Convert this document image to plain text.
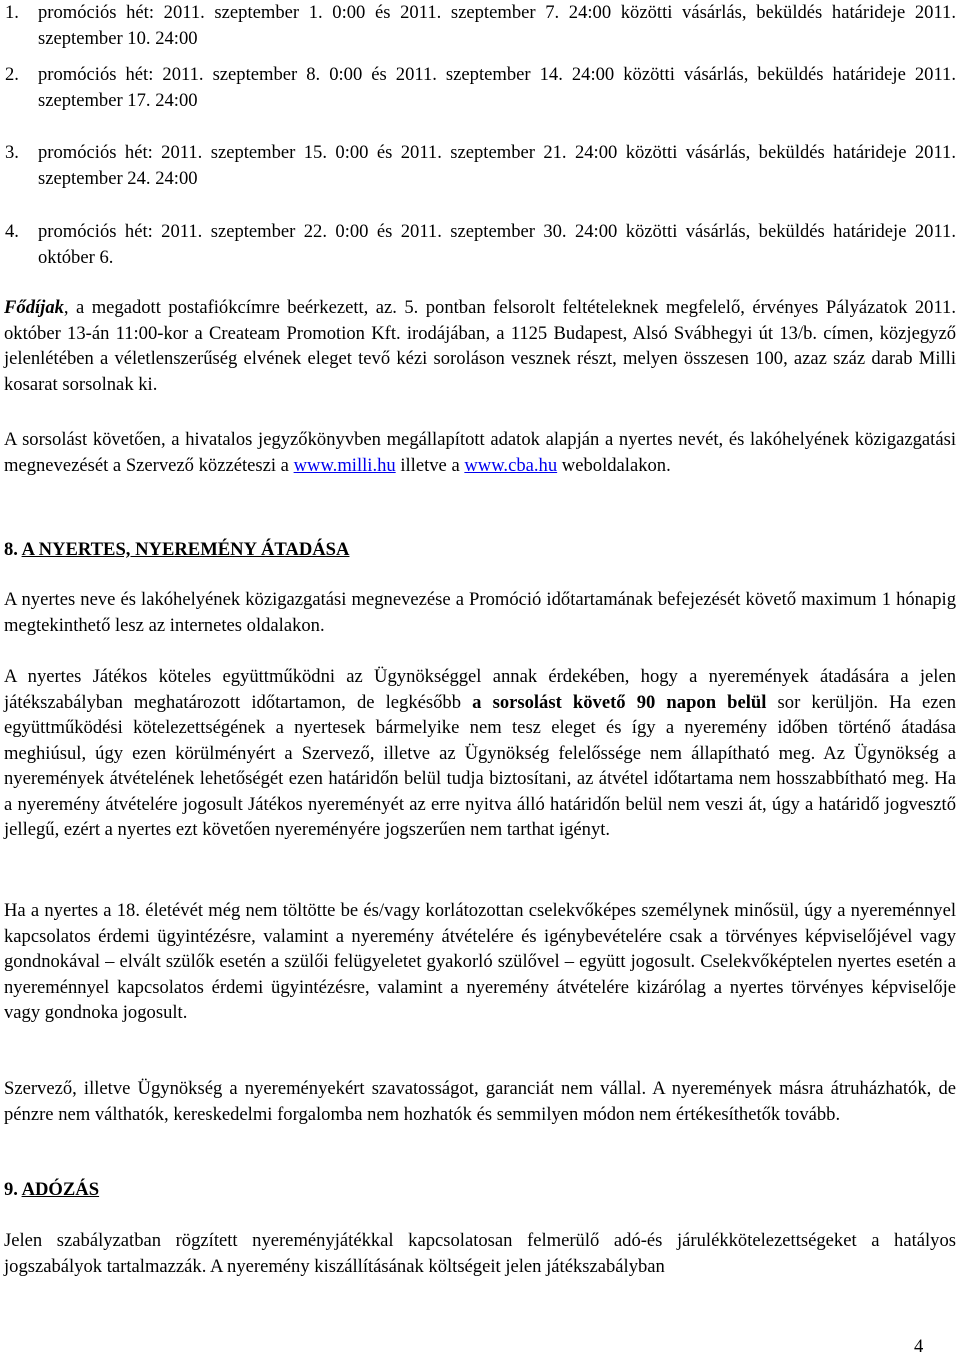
1. promóciós hét: 2011. szeptember 1. 0:00 és 2011. szeptember 7. 24:00 közötti vásárlás, beküldés határideje 2011. szeptember 10. 24:00
2. promóciós hét: 2011. szeptember 8. 0:00 és 2011. szeptember 14. 24:00 közötti vásárlás, beküldés határideje 2011. szeptember 17. 24:00
3. promóciós hét: 2011. szeptember 15. 0:00 és 2011. szeptember 21. 24:00 közötti vásárlás, beküldés határideje 2011. szeptember 24. 24:00
4. promóciós hét: 2011. szeptember 22. 0:00 és 2011. szeptember 30. 24:00 közötti vásárlás, beküldés határideje 2011. október 6.

Fődíjak, a megadott postafiókcímre beérkezett, az. 5. pontban felsorolt feltételeknek megfelelő, érvényes Pályázatok 2011. október 13-án 11:00-kor a Createam Promotion Kft. irodájában, a 1125 Budapest, Alsó Svábhegyi út 13/b. címen, közjegyző jelenlétében a véletlenszerűség elvének eleget tevő kézi soroláson vesznek részt, melyen összesen 100, azaz száz darab Milli kosarat sorsolnak ki.

A sorsolást követően, a hivatalos jegyzőkönyvben megállapított adatok alapján a nyertes nevét, és lakóhelyének közigazgatási megnevezését a Szervező közzéteszi a www.milli.hu illetve a www.cba.hu weboldalakon.

8. A NYERTES, NYEREMÉNY ÁTADÁSA

A nyertes neve és lakóhelyének közigazgatási megnevezése a Promóció időtartamának befejezését követő maximum 1 hónapig megtekinthető lesz az internetes oldalakon.

A nyertes Játékos köteles együttműködni az Ügynökséggel annak érdekében, hogy a nyeremények átadására a jelen játékszabályban meghatározott időtartamon, de legkésőbb a sorsolást követő 90 napon belül sor kerüljön. Ha ezen együttműködési kötelezettségének a nyertesek bármelyike nem tesz eleget és így a nyeremény időben történő átadása meghiúsul, úgy ezen körülményért a Szervező, illetve az Ügynökség felelőssége nem állapítható meg. Az Ügynökség a nyeremények átvételének lehetőségét ezen határidőn belül tudja biztosítani, az átvétel időtartama nem hosszabbítható meg. Ha a nyeremény átvételére jogosult Játékos nyereményét az erre nyitva álló határidőn belül nem veszi át, úgy a határidő jogvesztő jellegű, ezért a nyertes ezt követően nyereményére jogszerűen nem tarthat igényt.

Ha a nyertes a 18. életévét még nem töltötte be és/vagy korlátozottan cselekvőképes személynek minősül, úgy a nyereménnyel kapcsolatos érdemi ügyintézésre, valamint a nyeremény átvételére és igénybevételére csak a törvényes képviselőjével vagy gondnokával – elvált szülők esetén a szülői felügyeletet gyakorló szülővel – együtt jogosult. Cselekvőképtelen nyertes esetén a nyereménnyel kapcsolatos érdemi ügyintézésre, valamint a nyeremény átvételére kizárólag a nyertes törvényes képviselője vagy gondnoka jogosult.

Szervező, illetve Ügynökség a nyereményekért szavatosságot, garanciát nem vállal. A nyeremények másra átruházhatók, de pénzre nem válthatók, kereskedelmi forgalomba nem hozhatók és semmilyen módon nem értékesíthetők tovább.

9. ADÓZÁS

Jelen szabályzatban rögzített nyereményjátékkal kapcsolatosan felmerülő adó-és járulékkötelezettségeket a hatályos jogszabályok tartalmazzák. A nyeremény kiszállításának költségeit jelen játékszabályban

4
